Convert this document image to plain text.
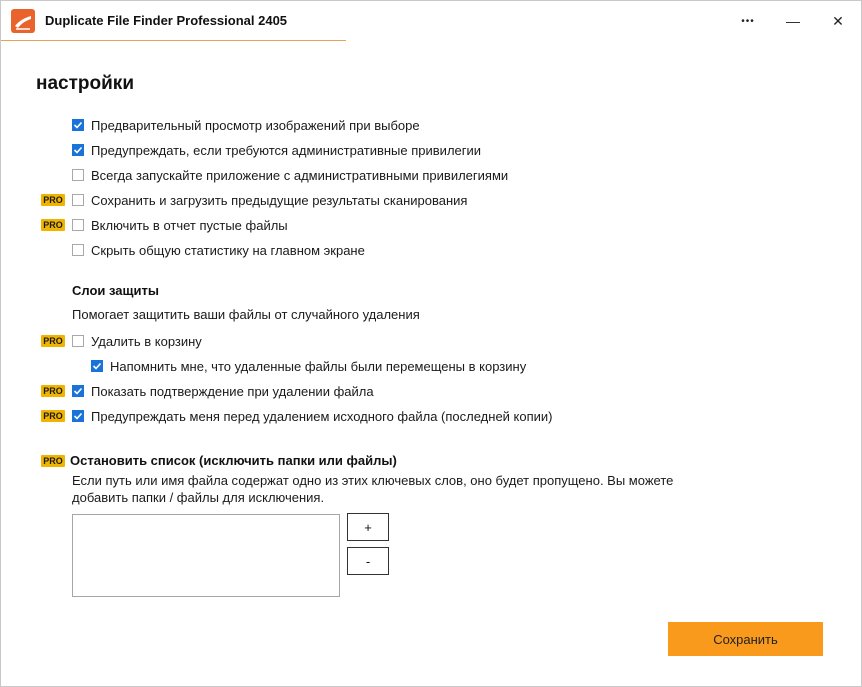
Duplicate File Finder Professional 2405	•••	—	✕
настройки
Предварительный просмотр изображений при выборе
Предупреждать, если требуются административные привилегии
Всегда запускайте приложение с административными привилегиями
PRO Сохранить и загрузить предыдущие результаты сканирования
PRO Включить в отчет пустые файлы
Скрыть общую статистику на главном экране
Слои защиты
Помогает защитить ваши файлы от случайного удаления
PRO Удалить в корзину
Напомнить мне, что удаленные файлы были перемещены в корзину
PRO Показать подтверждение при удалении файла
PRO Предупреждать меня перед удалением исходного файла (последней копии)
PRO Остановить список (исключить папки или файлы)
Если путь или имя файла содержат одно из этих ключевых слов, оно будет пропущено. Вы можете
добавить папки / файлы для исключения.
+
-
Сохранить
